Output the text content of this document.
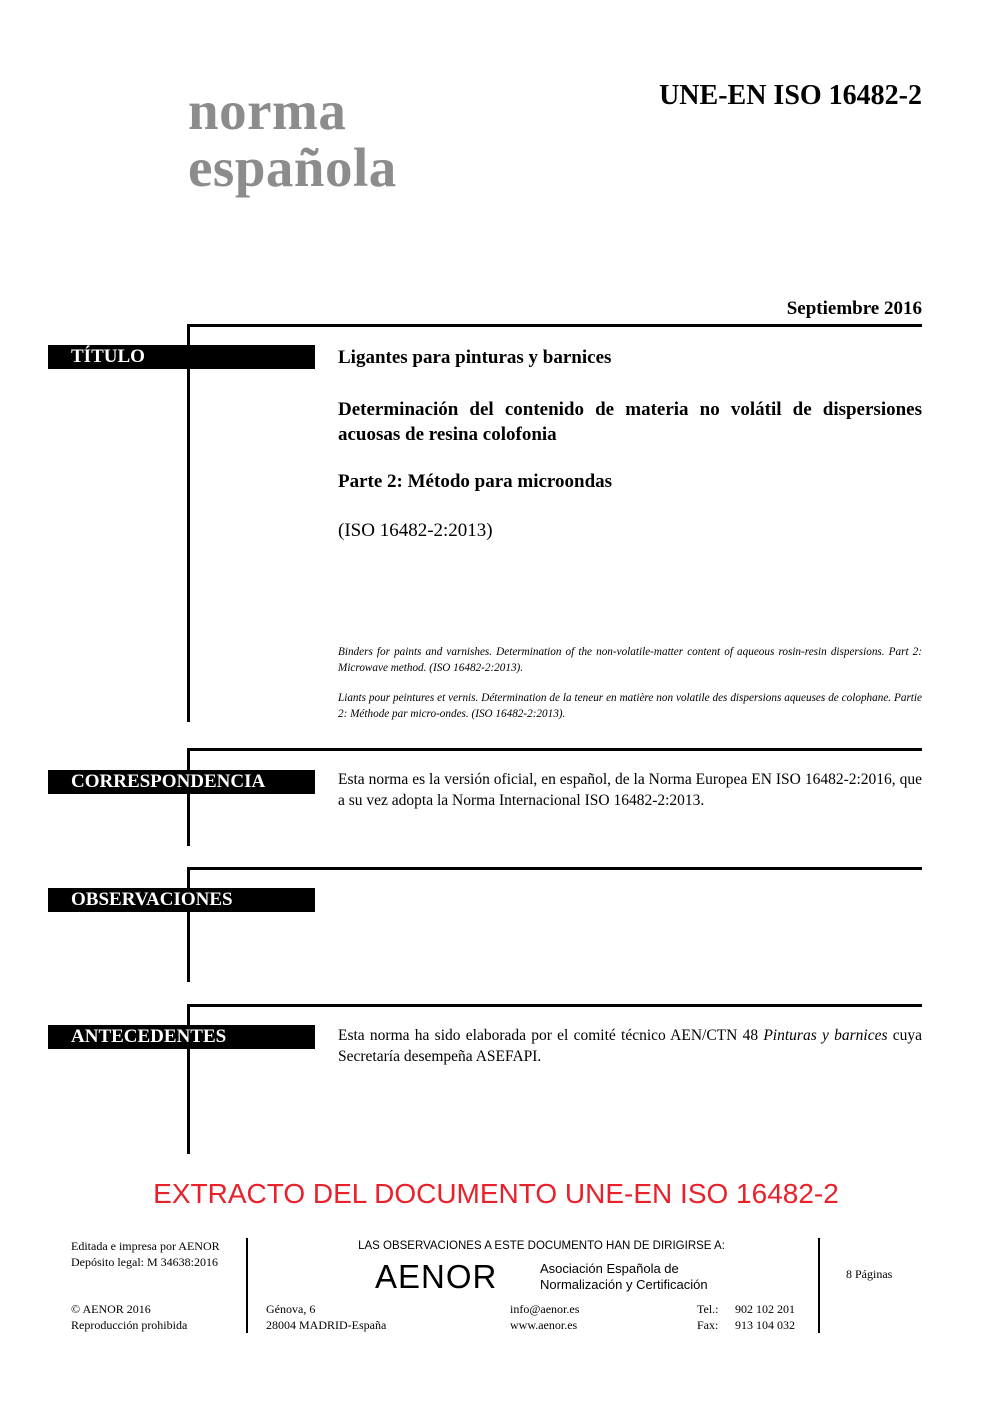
norma
española
UNE-EN ISO 16482-2
Septiembre 2016
TÍTULO
CORRESPONDENCIA
OBSERVACIONES
ANTECEDENTES
Ligantes para pinturas y barnices
Determinación del contenido de materia no volátil de dispersiones acuosas de resina colofonia
Parte 2: Método para microondas
(ISO 16482-2:2013)
Binders for paints and varnishes. Determination of the non-volatile-matter content of aqueous rosin-resin dispersions. Part 2: Microwave method. (ISO 16482-2:2013).
Liants pour peintures et vernis. Détermination de la teneur en matière non volatile des dispersions aqueuses de colophane. Partie 2: Méthode par micro-ondes. (ISO 16482-2:2013).
Esta norma es la versión oficial, en español, de la Norma Europea EN ISO 16482-2:2016, que a su vez adopta la Norma Internacional ISO 16482-2:2013.
Esta norma ha sido elaborada por el comité técnico AEN/CTN 48 Pinturas y barnices cuya Secretaría desempeña ASEFAPI.
EXTRACTO DEL DOCUMENTO UNE-EN ISO 16482-2
Editada e impresa por AENOR
Depósito legal: M 34638:2016
© AENOR 2016
Reproducción prohibida
LAS OBSERVACIONES A ESTE DOCUMENTO HAN DE DIRIGIRSE A:
AENOR	Asociación Española de
Normalización y Certificación
Génova, 6
28004 MADRID-España
info@aenor.es
www.aenor.es
Tel.:
Fax:
902 102 201
913 104 032
8 Páginas
